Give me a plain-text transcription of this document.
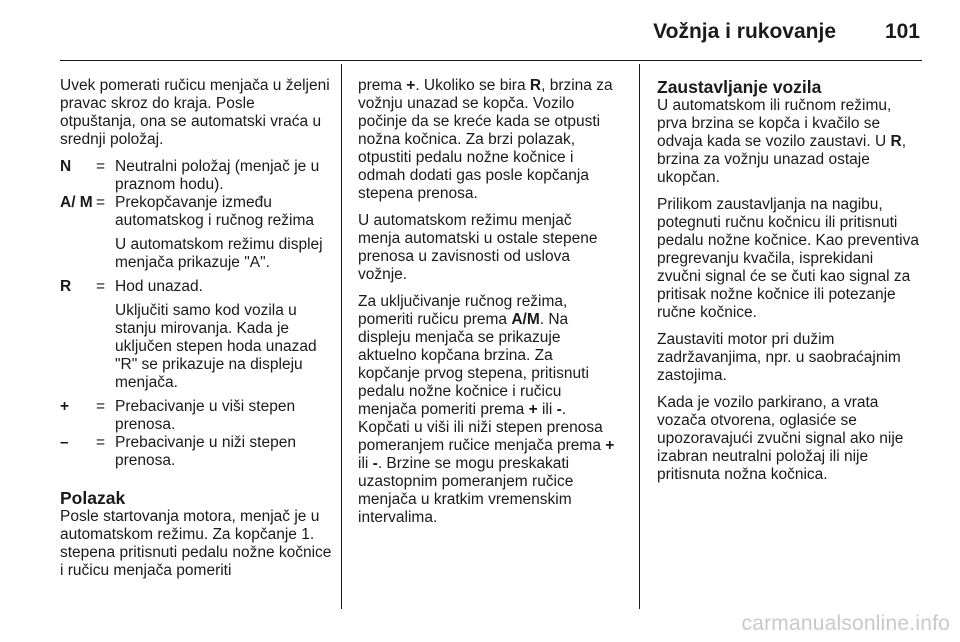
Vožnja i rukovanje 101

Uvek pomerati ručicu menjača u željeni pravac skroz do kraja. Posle otpuštanja, ona se automatski vraća u srednji položaj.

N	= Neutralni položaj (menjač je u praznom hodu).
A/ M = Prekopčavanje između automatskog i ručnog režima
U automatskom režimu displej menjača prikazuje "A".
R	= Hod unazad.
Uključiti samo kod vozila u stanju mirovanja. Kada je uključen stepen hoda unazad "R" se prikazuje na displeju menjača.
+	= Prebacivanje u viši stepen prenosa.
–	= Prebacivanje u niži stepen prenosa.
Polazak

Posle startovanja motora, menjač je u automatskom režimu. Za kopčanje 1. stepena pritisnuti pedalu nožne kočnice i ručicu menjača pomeriti

prema +. Ukoliko se bira R, brzina za vožnju unazad se kopča. Vozilo počinje da se kreće kada se otpusti nožna kočnica. Za brzi polazak, otpustiti pedalu nožne kočnice i odmah dodati gas posle kopčanja stepena prenosa.

U automatskom režimu menjač menja automatski u ostale stepene prenosa u zavisnosti od uslova vožnje.

Za uključivanje ručnog režima, pomeriti ručicu prema A/M. Na displeju menjača se prikazuje aktuelno kopčana brzina. Za kopčanje prvog stepena, pritisnuti pedalu nožne kočnice i ručicu menjača pomeriti prema + ili -. Kopčati u viši ili niži stepen prenosa pomeranjem ručice menjača prema + ili -. Brzine se mogu preskakati uzastopnim pomeranjem ručice menjača u kratkim vremenskim intervalima.

Zaustavljanje vozila

U automatskom ili ručnom režimu, prva brzina se kopča i kvačilo se odvaja kada se vozilo zaustavi. U R, brzina za vožnju unazad ostaje ukopčan.

Prilikom zaustavljanja na nagibu, potegnuti ručnu kočnicu ili pritisnuti pedalu nožne kočnice. Kao preventiva pregrevanju kvačila, isprekidani zvučni signal će se čuti kao signal za pritisak nožne kočnice ili potezanje ručne kočnice.

Zaustaviti motor pri dužim zadržavanjima, npr. u saobraćajnim zastojima.

Kada je vozilo parkirano, a vrata vozača otvorena, oglasiće se upozoravajući zvučni signal ako nije izabran neutralni položaj ili nije pritisnuta nožna kočnica.

carmanualsonline.info
